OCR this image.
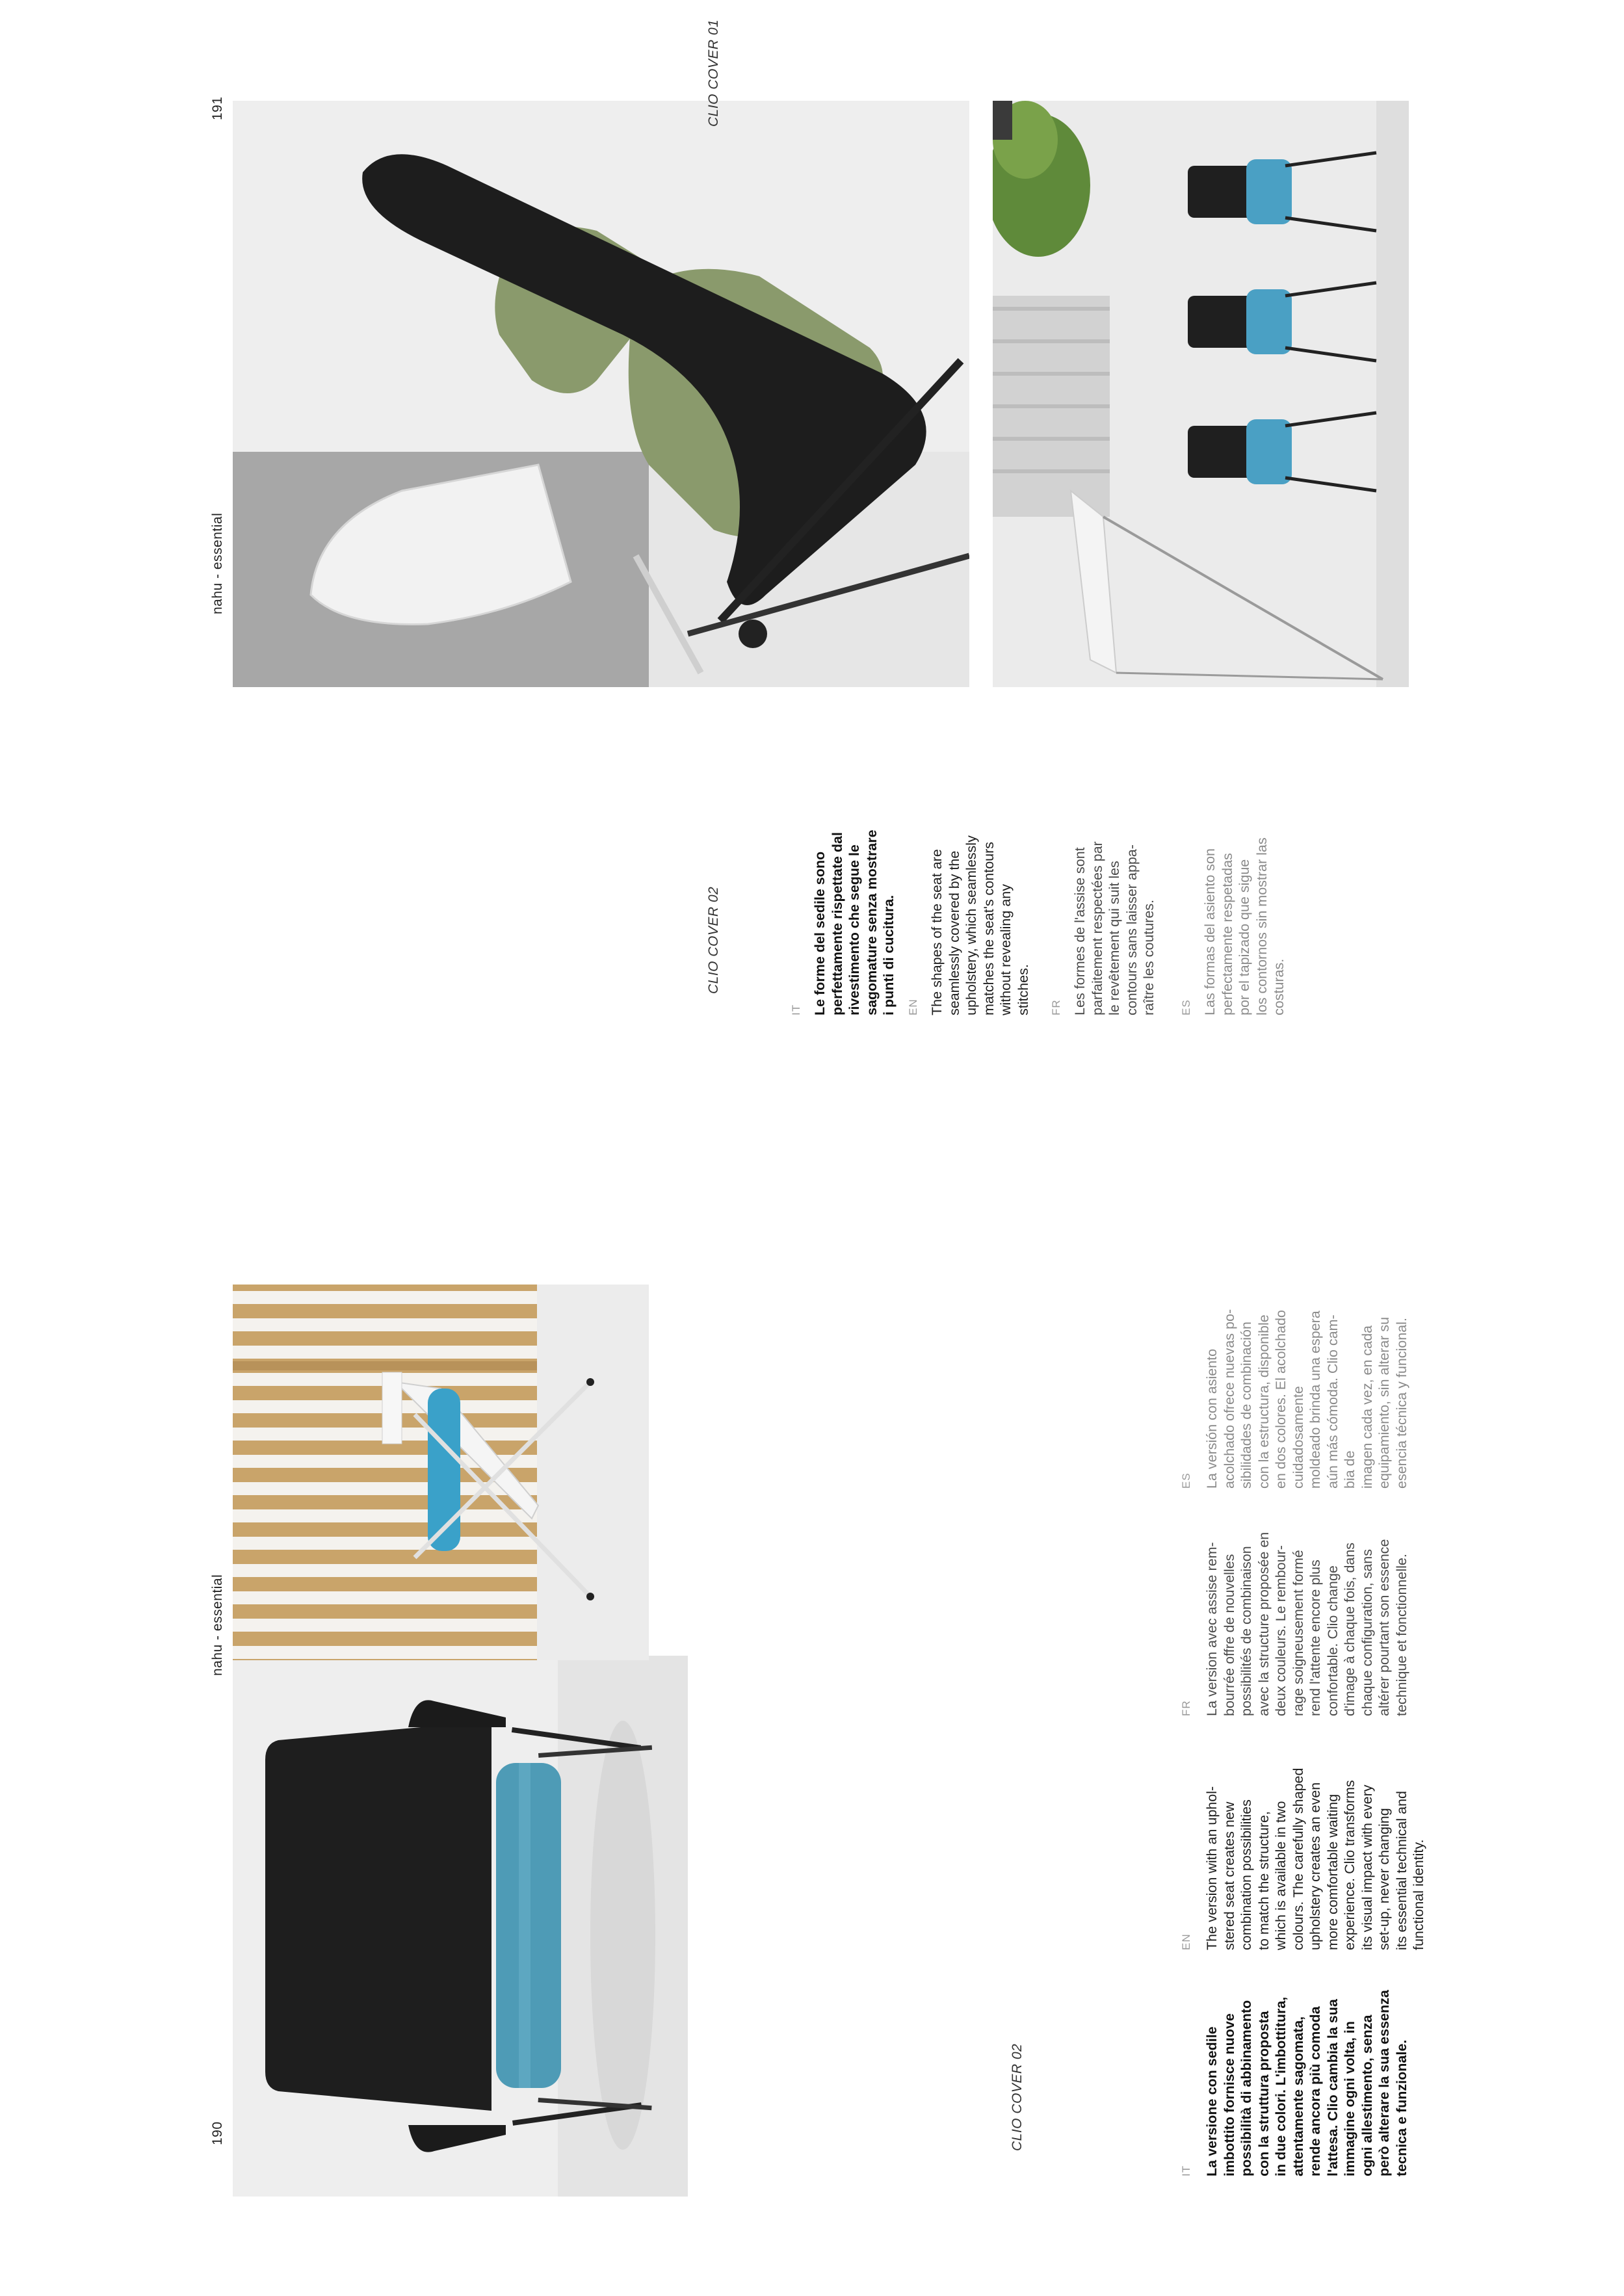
190
nahu - essential
CLIO COVER 02
IT La versione con sedile
imbottito fornisce nuove
possibilità di abbinamento
con la struttura proposta
in due colori. L'imbottitura,
attentamente sagomata,
rende ancora più comoda
l'attesa. Clio cambia la sua
immagine ogni volta, in
ogni allestimento, senza
però alterare la sua essenza
tecnica e funzionale.
EN The version with an uphol-
stered seat creates new
combination possibilities
to match the structure,
which is available in two
colours. The carefully shaped
upholstery creates an even
more comfortable waiting
experience. Clio transforms
its visual impact with every
set-up, never changing
its essential technical and
functional identity.
FR La version avec assise rem-
bourrée offre de nouvelles
possibilités de combinaison
avec la structure proposée en
deux couleurs. Le rembour-
rage soigneusement formé
rend l'attente encore plus
confortable. Clio change
d'image à chaque fois, dans
chaque configuration, sans
altérer pourtant son essence
technique et fonctionnelle.
ES La versión con asiento
acolchado ofrece nuevas po-
sibilidades de combinación
con la estructura, disponible
en dos colores. El acolchado
cuidadosamente
moldeado brinda una espera
aún más cómoda. Clio cam-
bia de
imagen cada vez, en cada
equipamiento, sin alterar su
esencia técnica y funcional.
191
nahu - essential
CLIO COVER 01
CLIO COVER 02
IT Le forme del sedile sono
perfettamente rispettate dal
rivestimento che segue le
sagomature senza mostrare
i punti di cucitura.
EN The shapes of the seat are
seamlessly covered by the
upholstery, which seamlessly
matches the seat's contours
without revealing any
stitches. FR Les formes de l'assise sont
parfaitement respectées par
le revêtement qui suit les
contours sans laisser appa-
raître les coutures.
ES Las formas del asiento son
perfectamente respetadas
por el tapizado que sigue
los contornos sin mostrar las
costuras.
